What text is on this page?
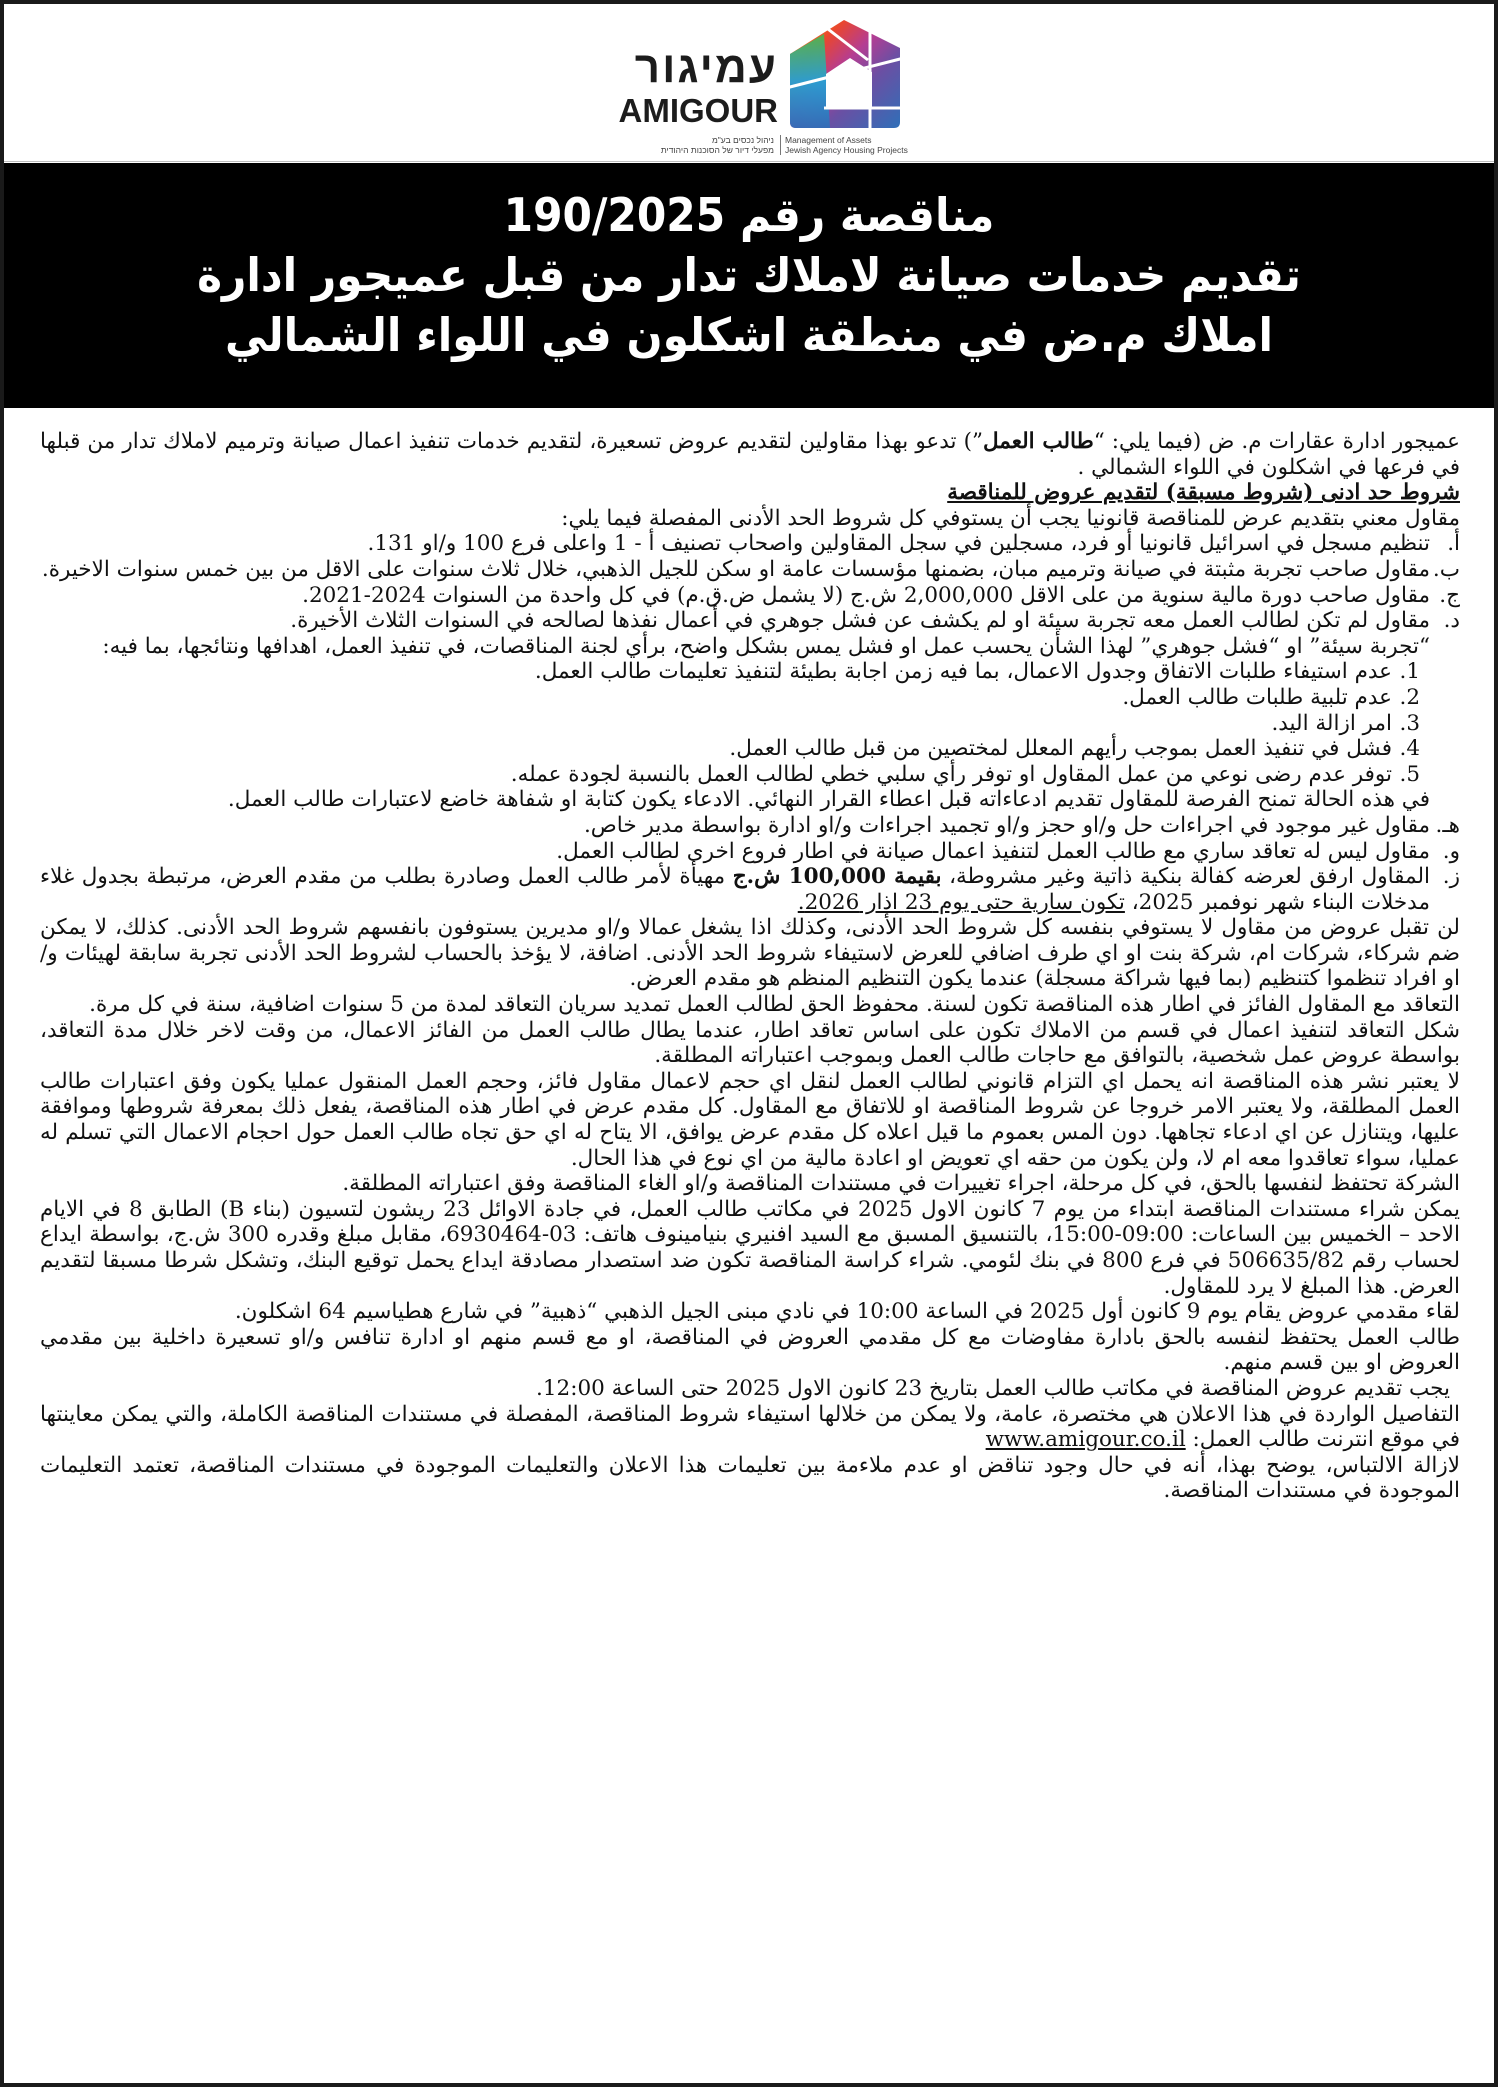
עמיגור
AMIGOUR
ניהול נכסים בע"מ
מפעלי דיור של הסוכנות היהודית
Management of Assets
Jewish Agency Housing Projects
مناقصة رقم 190/2025
تقديم خدمات صيانة لاملاك تدار من قبل عميجور ادارة
املاك م.ض في منطقة اشكلون في اللواء الشمالي

عميجور ادارة عقارات م. ض (فيما يلي: “طالب العمل”) تدعو بهذا مقاولين لتقديم عروض تسعيرة، لتقديم خدمات تنفيذ اعمال صيانة وترميم لاملاك تدار من قبلها في فرعها في اشكلون في اللواء الشمالي .

شروط حد ادنى (شروط مسبقة) لتقديم عروض للمناقصة

مقاول معني بتقديم عرض للمناقصة قانونيا يجب أن يستوفي كل شروط الحد الأدنى المفصلة فيما يلي:

أ.
تنظيم مسجل في اسرائيل قانونيا أو فرد، مسجلين في سجل المقاولين واصحاب تصنيف أ - 1 واعلى فرع 100 و/او 131.
ب.
مقاول صاحب تجربة مثبتة في صيانة وترميم مبان، بضمنها مؤسسات عامة او سكن للجيل الذهبي، خلال ثلاث سنوات على الاقل من بين خمس سنوات الاخيرة.
ج.
مقاول صاحب دورة مالية سنوية من على الاقل 2,000,000 ش.ج (لا يشمل ض.ق.م) في كل واحدة من السنوات 2024-2021.
د.
مقاول لم تكن لطالب العمل معه تجربة سيئة او لم يكشف عن فشل جوهري في أعمال نفذها لصالحه في السنوات الثلاث الأخيرة.

“تجربة سيئة” او “فشل جوهري” لهذا الشأن يحسب عمل او فشل يمس بشكل واضح، برأي لجنة المناقصات، في تنفيذ العمل، اهدافها ونتائجها، بما فيه:

1.
عدم استيفاء طلبات الاتفاق وجدول الاعمال، بما فيه زمن اجابة بطيئة لتنفيذ تعليمات طالب العمل.
2.
عدم تلبية طلبات طالب العمل.
3.
امر ازالة اليد.
4.
فشل في تنفيذ العمل بموجب رأيهم المعلل لمختصين من قبل طالب العمل.
5.
توفر عدم رضى نوعي من عمل المقاول او توفر رأي سلبي خطي لطالب العمل بالنسبة لجودة عمله.

في هذه الحالة تمنح الفرصة للمقاول تقديم ادعاءاته قبل اعطاء القرار النهائي. الادعاء يكون كتابة او شفاهة خاضع لاعتبارات طالب العمل.

هـ.
مقاول غير موجود في اجراءات حل و/او حجز و/او تجميد اجراءات و/او ادارة بواسطة مدير خاص.
و.
مقاول ليس له تعاقد ساري مع طالب العمل لتنفيذ اعمال صيانة في اطار فروع اخرى لطالب العمل.
ز.
المقاول ارفق لعرضه كفالة بنكية ذاتية وغير مشروطة، بقيمة 100,000 ش.ج مهيأة لأمر طالب العمل وصادرة بطلب من مقدم العرض، مرتبطة بجدول غلاء مدخلات البناء شهر نوفمبر 2025، تكون سارية حتى يوم 23 اذار 2026.

لن تقبل عروض من مقاول لا يستوفي بنفسه كل شروط الحد الأدنى، وكذلك اذا يشغل عمالا و/او مديرين يستوفون بانفسهم شروط الحد الأدنى. كذلك، لا يمكن ضم شركاء، شركات ام، شركة بنت او اي طرف اضافي للعرض لاستيفاء شروط الحد الأدنى. اضافة، لا يؤخذ بالحساب لشروط الحد الأدنى تجربة سابقة لهيئات و/او افراد تنظموا كتنظيم (بما فيها شراكة مسجلة) عندما يكون التنظيم المنظم هو مقدم العرض.

التعاقد مع المقاول الفائز في اطار هذه المناقصة تكون لسنة. محفوظ الحق لطالب العمل تمديد سريان التعاقد لمدة من 5 سنوات اضافية، سنة في كل مرة.

شكل التعاقد لتنفيذ اعمال في قسم من الاملاك تكون على اساس تعاقد اطار، عندما يطال طالب العمل من الفائز الاعمال، من وقت لاخر خلال مدة التعاقد، بواسطة عروض عمل شخصية، بالتوافق مع حاجات طالب العمل وبموجب اعتباراته المطلقة.

لا يعتبر نشر هذه المناقصة انه يحمل اي التزام قانوني لطالب العمل لنقل اي حجم لاعمال مقاول فائز، وحجم العمل المنقول عمليا يكون وفق اعتبارات طالب العمل المطلقة، ولا يعتبر الامر خروجا عن شروط المناقصة او للاتفاق مع المقاول. كل مقدم عرض في اطار هذه المناقصة، يفعل ذلك بمعرفة شروطها وموافقة عليها، ويتنازل عن اي ادعاء تجاهها. دون المس بعموم ما قيل اعلاه كل مقدم عرض يوافق، الا يتاح له اي حق تجاه طالب العمل حول احجام الاعمال التي تسلم له عمليا، سواء تعاقدوا معه ام لا، ولن يكون من حقه اي تعويض او اعادة مالية من اي نوع في هذا الحال.

الشركة تحتفظ لنفسها بالحق، في كل مرحلة، اجراء تغييرات في مستندات المناقصة و/او الغاء المناقصة وفق اعتباراته المطلقة.

يمكن شراء مستندات المناقصة ابتداء من يوم 7 كانون الاول 2025 في مكاتب طالب العمل، في جادة الاوائل 23 ريشون لتسيون (بناء B) الطابق 8 في الايام الاحد – الخميس بين الساعات: 09:00-15:00، بالتنسيق المسبق مع السيد افنيري بنيامينوف هاتف: 03-6930464، مقابل مبلغ وقدره 300 ش.ج، بواسطة ايداع لحساب رقم 506635/82 في فرع 800 في بنك لئومي. شراء كراسة المناقصة تكون ضد استصدار مصادقة ايداع يحمل توقيع البنك، وتشكل شرطا مسبقا لتقديم العرض. هذا المبلغ لا يرد للمقاول.

لقاء مقدمي عروض يقام يوم 9 كانون أول 2025 في الساعة 10:00 في نادي مبنى الجيل الذهبي “ذهبية” في شارع هطياسيم 64 اشكلون.

طالب العمل يحتفظ لنفسه بالحق بادارة مفاوضات مع كل مقدمي العروض في المناقصة، او مع قسم منهم او ادارة تنافس و/او تسعيرة داخلية بين مقدمي العروض او بين قسم منهم.

يجب تقديم عروض المناقصة في مكاتب طالب العمل بتاريخ 23 كانون الاول 2025 حتى الساعة 12:00.

التفاصيل الواردة في هذا الاعلان هي مختصرة، عامة، ولا يمكن من خلالها استيفاء شروط المناقصة، المفصلة في مستندات المناقصة الكاملة، والتي يمكن معاينتها في موقع انترنت طالب العمل: www.amigour.co.il

لازالة الالتباس، يوضح بهذا، أنه في حال وجود تناقض او عدم ملاءمة بين تعليمات هذا الاعلان والتعليمات الموجودة في مستندات المناقصة، تعتمد التعليمات الموجودة في مستندات المناقصة.
